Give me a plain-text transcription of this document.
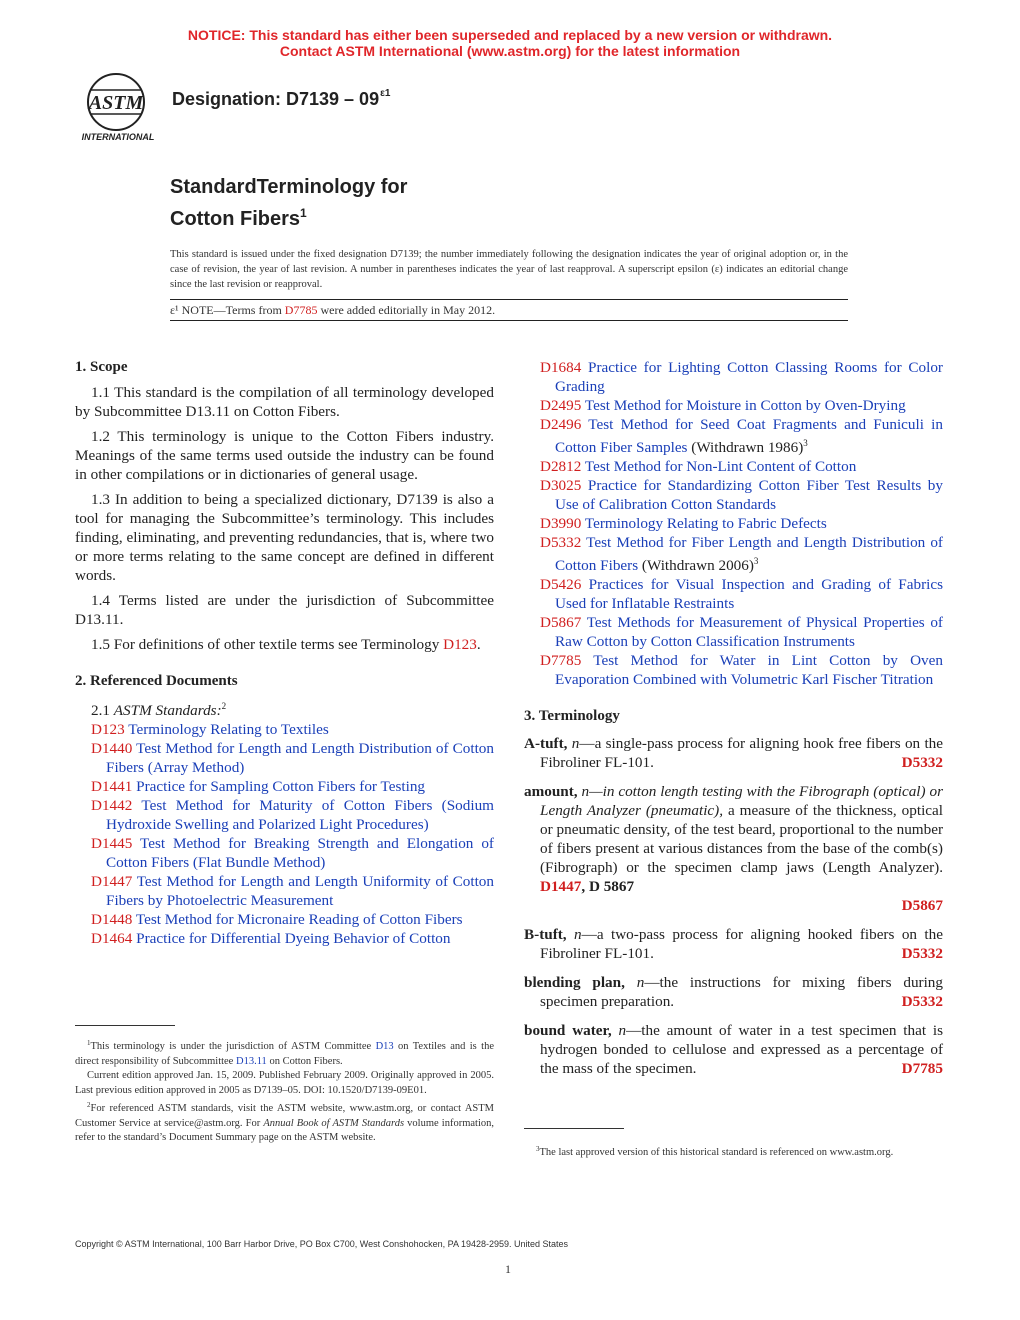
NOTICE: This standard has either been superseded and replaced by a new version or withdrawn.
Contact ASTM International (www.astm.org) for the latest information
ASTM
INTERNATIONAL
Designation: $D7139 - 09^{\varepsilon 1}$
StandardTerminology for
Cotton Fibers$^1$
This standard is issued under the fixed designation D7139; the number immediately following the designation indicates the year of original adoption or, in the case of revision, the year of last revision. A number in parentheses indicates the year of last reapproval. A superscript epsilon (ε) indicates an editorial change since the last revision or reapproval.
ε¹ NOTE—Terms from D7785 were added editorially in May 2012.
1. Scope

1.1 This standard is the compilation of all terminology developed by Subcommittee D13.11 on Cotton Fibers.

1.2 This terminology is unique to the Cotton Fibers industry. Meanings of the same terms used outside the industry can be found in other compilations or in dictionaries of general usage.

1.3 In addition to being a specialized dictionary, D7139 is also a tool for managing the Subcommittee’s terminology. This includes finding, eliminating, and preventing redundancies, that is, where two or more terms relating to the same concept are defined in different words.

1.4 Terms listed are under the jurisdiction of Subcommittee D13.11.

1.5 For definitions of other textile terms see Terminology D123.

2. Referenced Documents
2.1 ASTM Standards:$^2$
D123 Terminology Relating to Textiles
D1440 Test Method for Length and Length Distribution of Cotton Fibers (Array Method)
D1441 Practice for Sampling Cotton Fibers for Testing
D1442 Test Method for Maturity of Cotton Fibers (Sodium Hydroxide Swelling and Polarized Light Procedures)
D1445 Test Method for Breaking Strength and Elongation of Cotton Fibers (Flat Bundle Method)
D1447 Test Method for Length and Length Uniformity of Cotton Fibers by Photoelectric Measurement
D1448 Test Method for Micronaire Reading of Cotton Fibers
D1464 Practice for Differential Dyeing Behavior of Cotton
D1684 Practice for Lighting Cotton Classing Rooms for Color Grading
D2495 Test Method for Moisture in Cotton by Oven-Drying
D2496 Test Method for Seed Coat Fragments and Funiculi in Cotton Fiber Samples (Withdrawn 1986)$^3$
D2812 Test Method for Non-Lint Content of Cotton
D3025 Practice for Standardizing Cotton Fiber Test Results by Use of Calibration Cotton Standards
D3990 Terminology Relating to Fabric Defects
D5332 Test Method for Fiber Length and Length Distribution of Cotton Fibers (Withdrawn 2006)$^3$
D5426 Practices for Visual Inspection and Grading of Fabrics Used for Inflatable Restraints
D5867 Test Methods for Measurement of Physical Properties of Raw Cotton by Cotton Classification Instruments
D7785 Test Method for Water in Lint Cotton by Oven Evaporation Combined with Volumetric Karl Fischer Titration
3. Terminology
A-tuft, n—a single-pass process for aligning hook free fibers on the Fibroliner FL-101.	D5332
amount, n—in cotton length testing with the Fibrograph (optical) or Length Analyzer (pneumatic), a measure of the thickness, optical or pneumatic density, of the test beard, proportional to the number of fibers present at various distances from the base of the comb(s) (Fibrograph) or the specimen clamp jaws (Length Analyzer). D1447, D 5867

D5867
B-tuft, n—a two-pass process for aligning hooked fibers on the Fibroliner FL-101.	D5332
blending plan, n—the instructions for mixing fibers during specimen preparation.	D5332
bound water, n—the amount of water in a test specimen that is hydrogen bonded to cellulose and expressed as a percentage of the mass of the specimen.	D7785

$^1$This terminology is under the jurisdiction of ASTM Committee D13 on Textiles and is the direct responsibility of Subcommittee D13.11 on Cotton Fibers.

Current edition approved Jan. 15, 2009. Published February 2009. Originally approved in 2005. Last previous edition approved in 2005 as D7139–05. DOI: 10.1520/D7139-09E01.

$^2$For referenced ASTM standards, visit the ASTM website, www.astm.org, or contact ASTM Customer Service at service@astm.org. For Annual Book of ASTM Standards volume information, refer to the standard’s Document Summary page on the ASTM website.

$^3$The last approved version of this historical standard is referenced on www.astm.org.

Copyright © ASTM International, 100 Barr Harbor Drive, PO Box C700, West Conshohocken, PA 19428-2959. United States
1
